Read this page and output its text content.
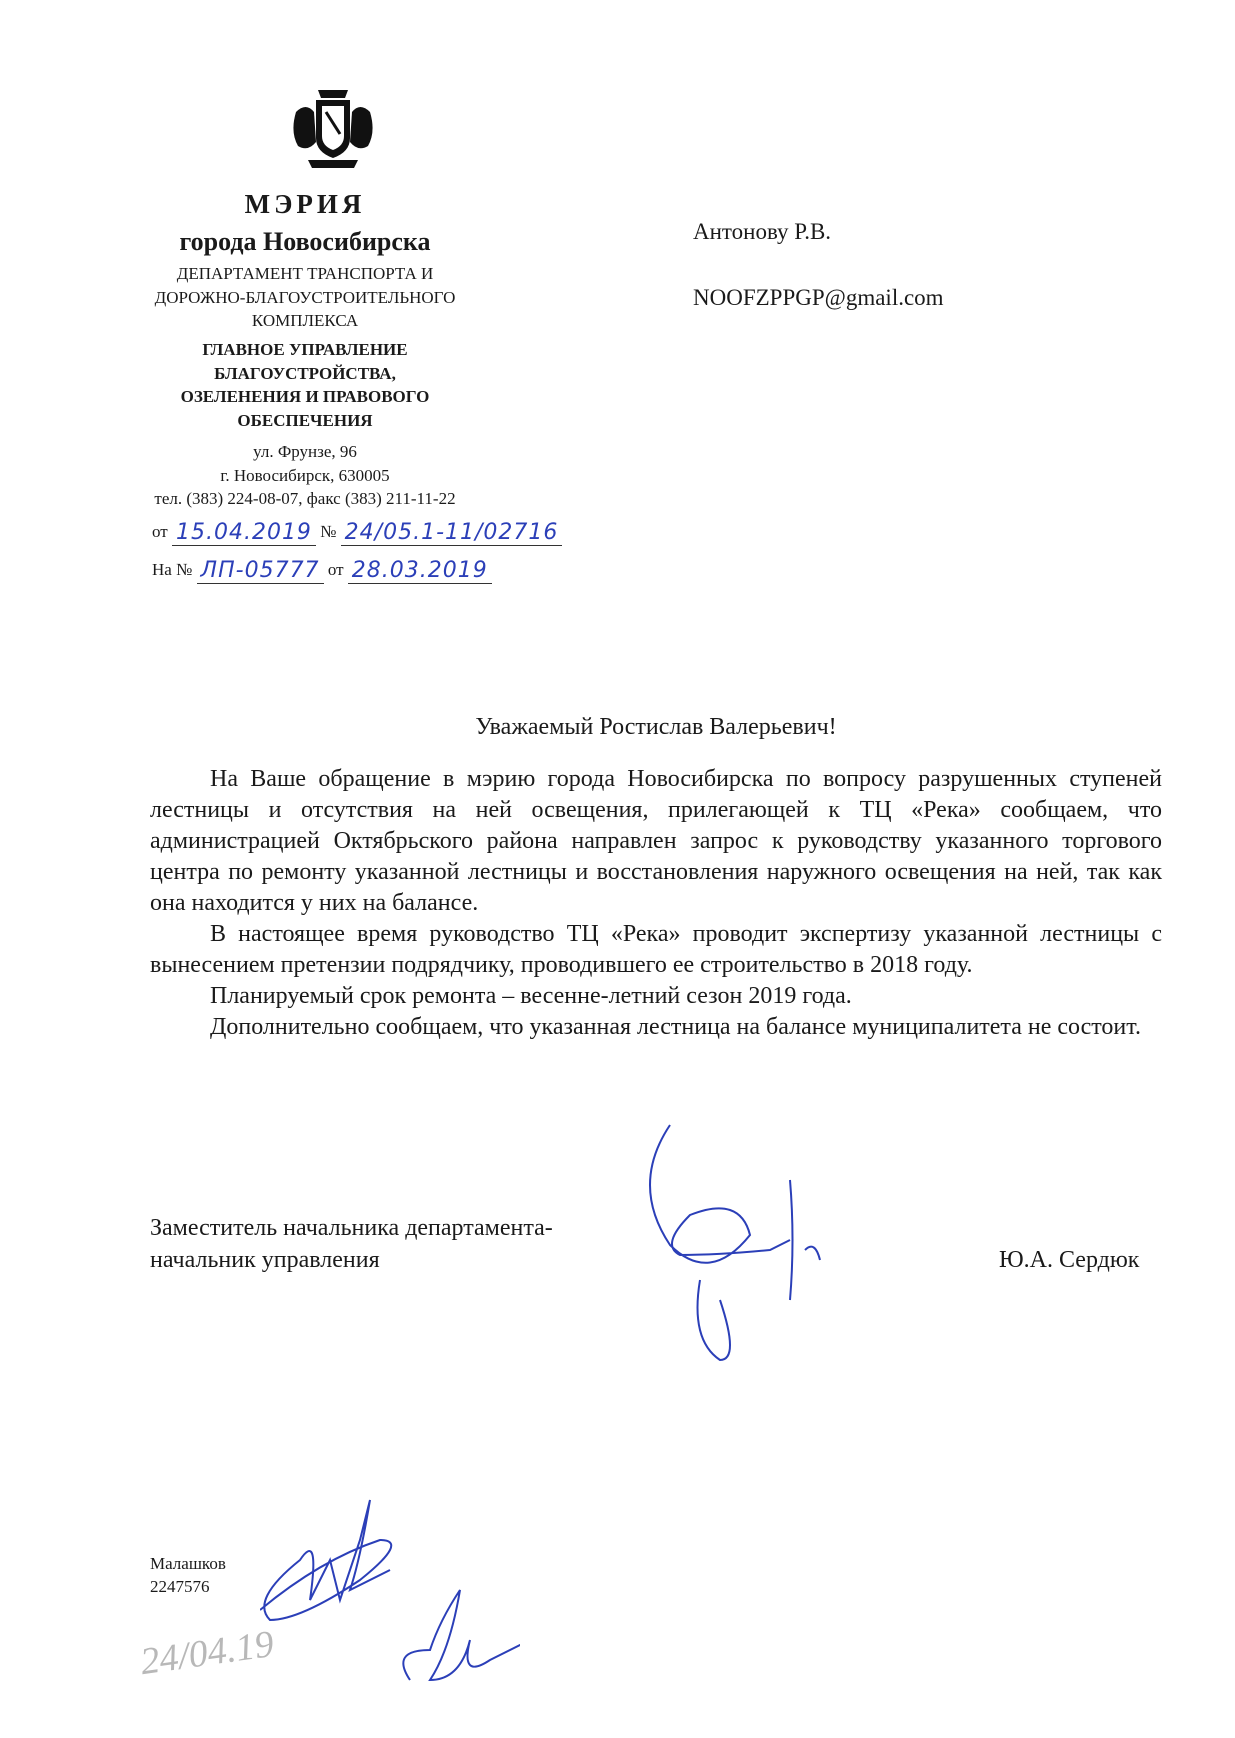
МЭРИЯ
города Новосибирска
ДЕПАРТАМЕНТ ТРАНСПОРТА И
ДОРОЖНО-БЛАГОУСТРОИТЕЛЬНОГО
КОМПЛЕКСА
ГЛАВНОЕ УПРАВЛЕНИЕ
БЛАГОУСТРОЙСТВА,
ОЗЕЛЕНЕНИЯ И ПРАВОВОГО
ОБЕСПЕЧЕНИЯ
ул. Фрунзе, 96
г. Новосибирск, 630005
тел. (383) 224-08-07, факс (383) 211-11-22
от 15.04.2019 № 24/05.1-11/02716
На № ЛП-05777 от 28.03.2019
Антонову Р.В.
NOOFZPPGP@gmail.com
Уважаемый Ростислав Валерьевич!

На Ваше обращение в мэрию города Новосибирска по вопросу разрушенных ступеней лестницы и отсутствия на ней освещения, прилегающей к ТЦ «Река» сообщаем, что администрацией Октябрьского района направлен запрос к руководству указанного торгового центра по ремонту указанной лестницы и восстановления наружного освещения на ней, так как она находится у них на балансе.

В настоящее время руководство ТЦ «Река» проводит экспертизу указанной лестницы с вынесением претензии подрядчику, проводившего ее строительство в 2018 году.

Планируемый срок ремонта – весенне-летний сезон 2019 года.

Дополнительно сообщаем, что указанная лестница на балансе муниципалитета не состоит.

Заместитель начальника департамента-
начальник управления	Ю.А. Сердюк
Малашков
2247576
24/04.19
